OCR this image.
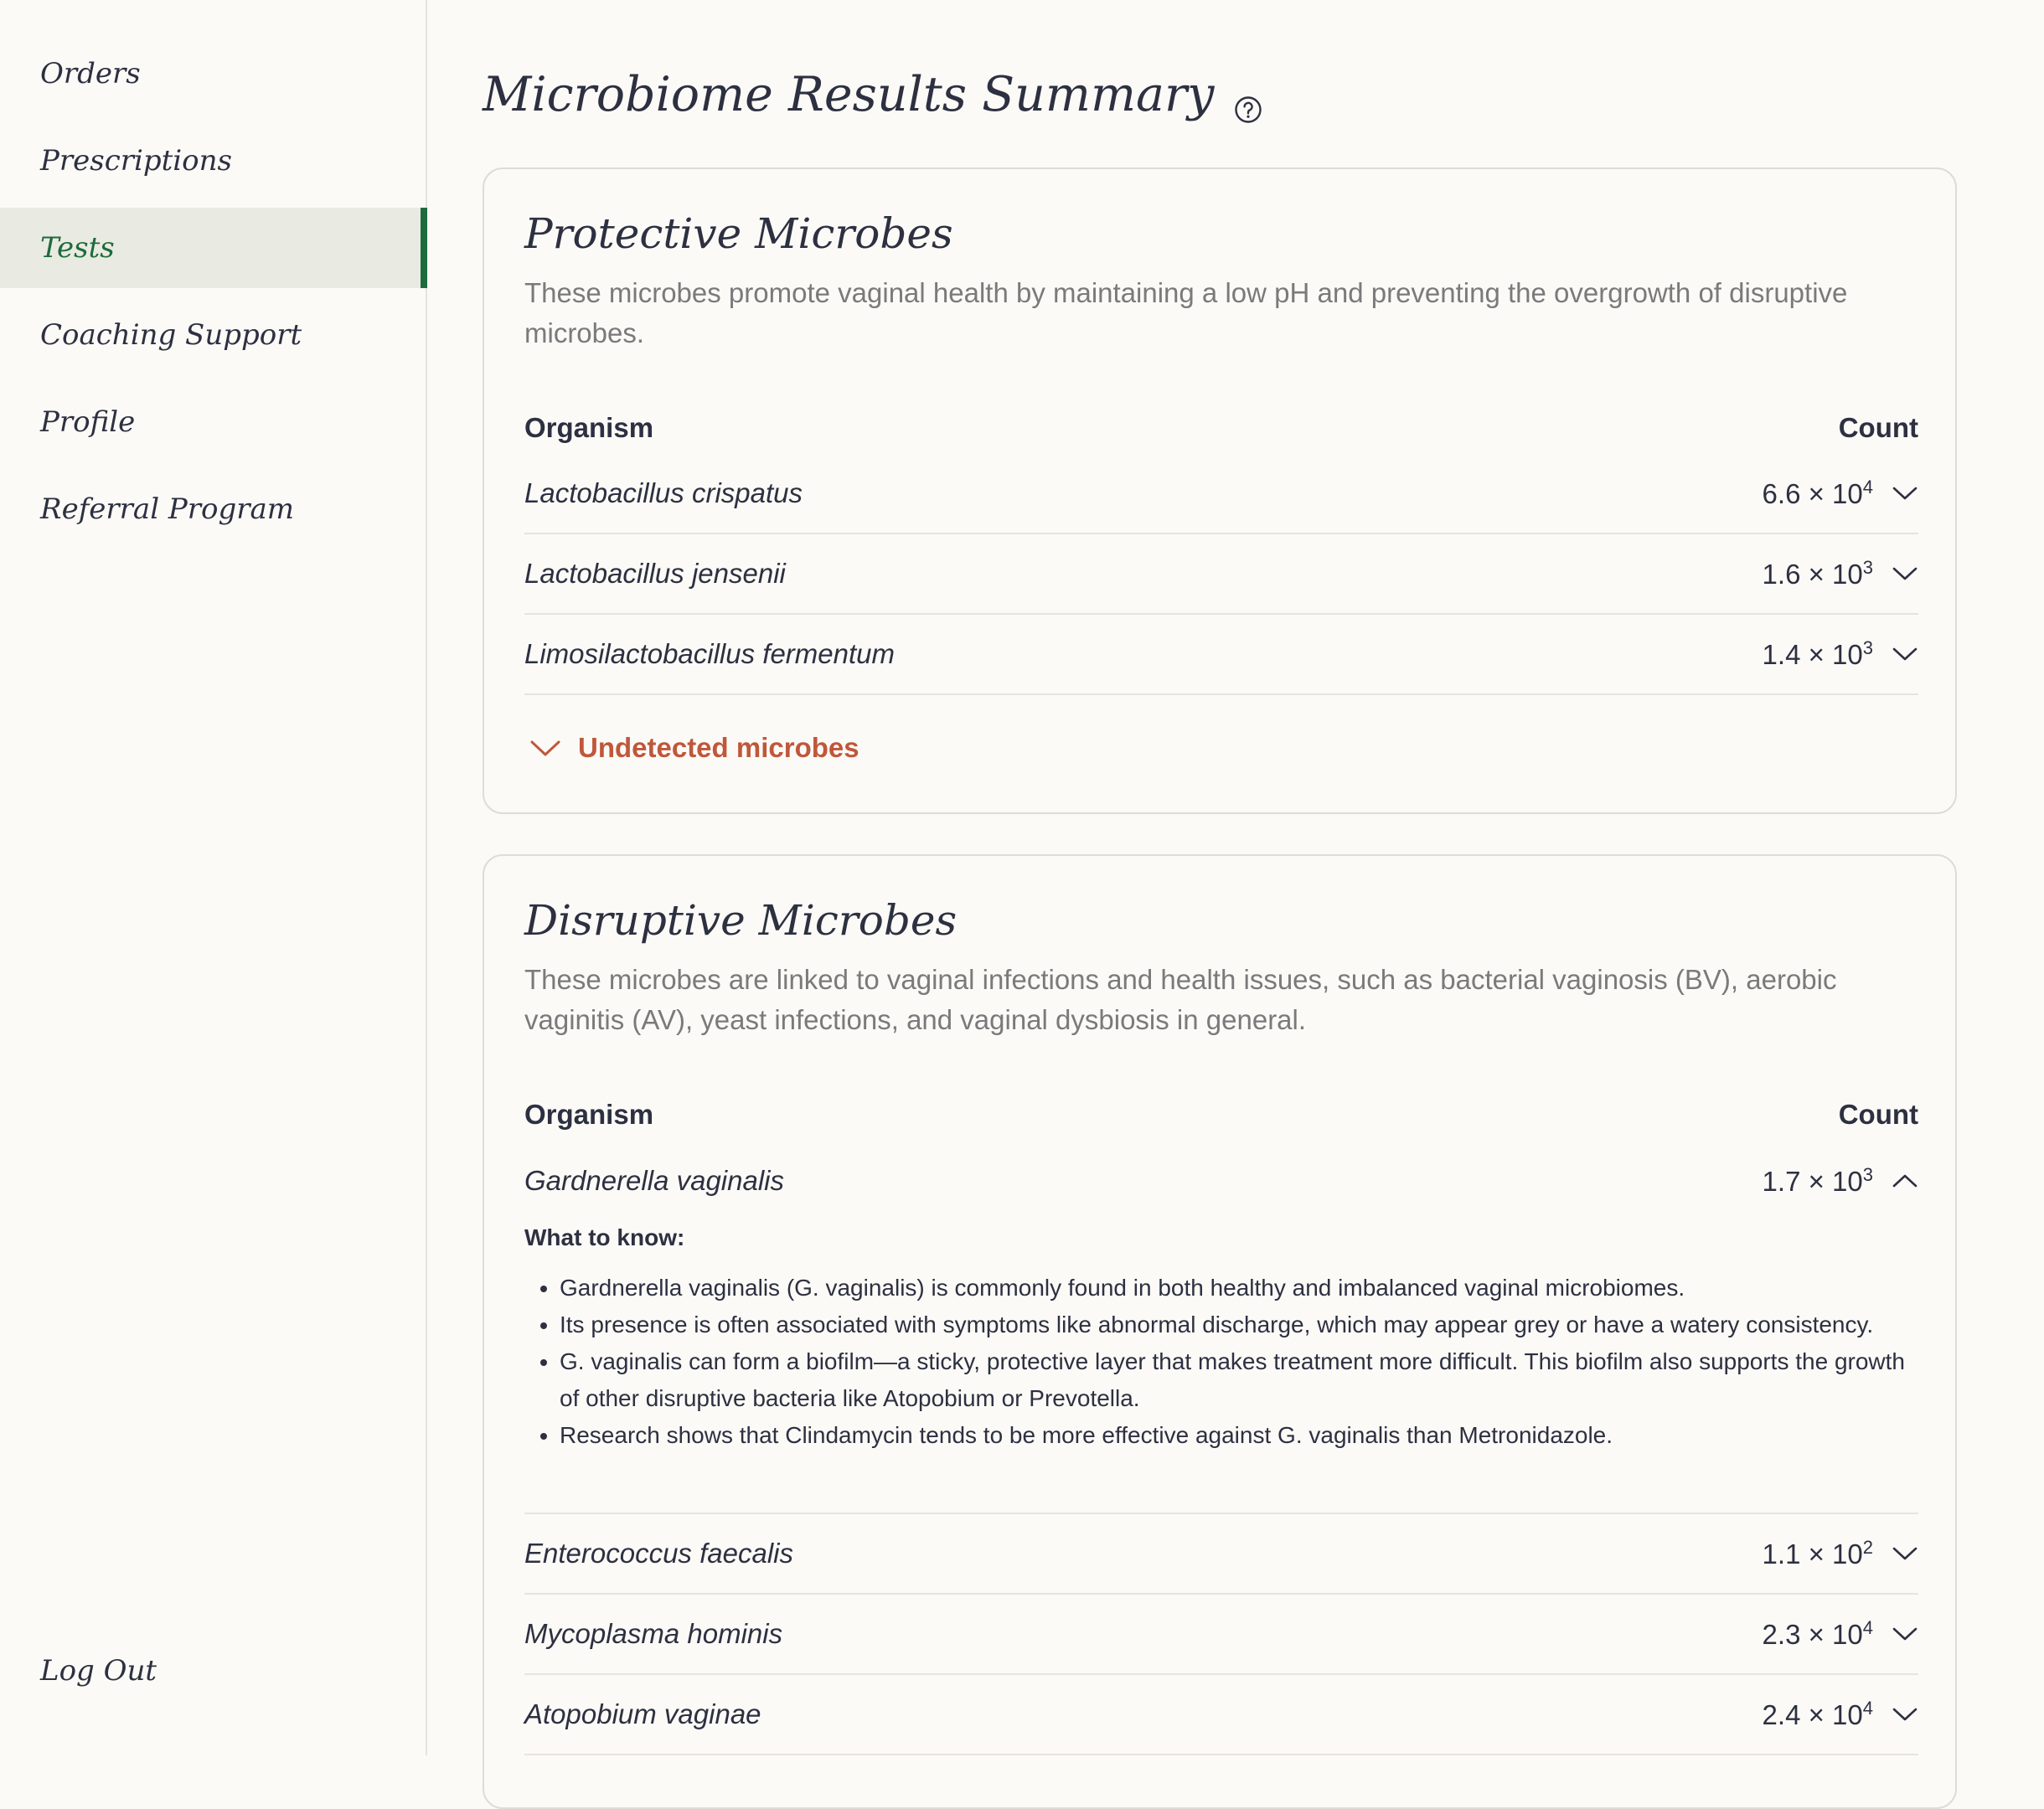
Orders
Prescriptions
Tests
Coaching Support
Profile
Referral Program
Log Out
Microbiome Results Summary
Protective Microbes
These microbes promote vaginal health by maintaining a low pH and preventing the overgrowth of disruptive microbes.
Organism	Count
Lactobacillus crispatus	$6.6 \times 10^4$
Lactobacillus jensenii	$1.6 \times 10^3$
Limosilactobacillus fermentum	$1.4 \times 10^3$
Undetected microbes
Disruptive Microbes
These microbes are linked to vaginal infections and health issues, such as bacterial vaginosis (BV), aerobic vaginitis (AV), yeast infections, and vaginal dysbiosis in general.
Organism	Count
Gardnerella vaginalis	$1.7 \times 10^3$
What to know:
• Gardnerella vaginalis (G. vaginalis) is commonly found in both healthy and imbalanced vaginal microbiomes.
• Its presence is often associated with symptoms like abnormal discharge, which may appear grey or have a watery consistency.
• G. vaginalis can form a biofilm—a sticky, protective layer that makes treatment more difficult. This biofilm also supports the growth of other disruptive bacteria like Atopobium or Prevotella.
• Research shows that Clindamycin tends to be more effective against G. vaginalis than Metronidazole.
Enterococcus faecalis	$1.1 \times 10^2$
Mycoplasma hominis	$2.3 \times 10^4$
Atopobium vaginae	$2.4 \times 10^4$
